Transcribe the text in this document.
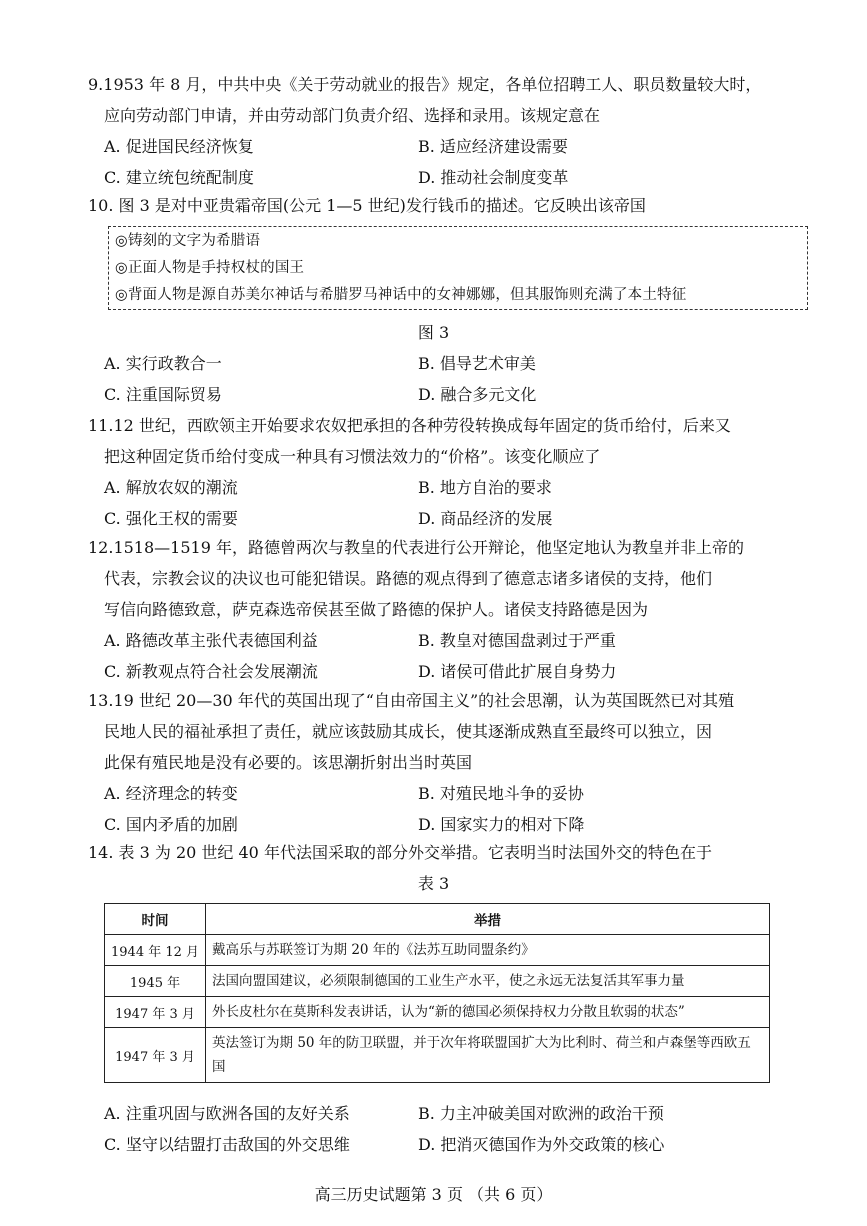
9.1953 年 8 月，中共中央《关于劳动就业的报告》规定，各单位招聘工人、职员数量较大时，

应向劳动部门申请，并由劳动部门负责介绍、选择和录用。该规定意在

A. 促进国民经济恢复	B. 适应经济建设需要
C. 建立统包统配制度	D. 推动社会制度变革

10. 图 3 是对中亚贵霜帝国(公元 1—5 世纪)发行钱币的描述。它反映出该帝国

◎铸刻的文字为希腊语
◎正面人物是手持权杖的国王
◎背面人物是源自苏美尔神话与希腊罗马神话中的女神娜娜，但其服饰则充满了本土特征
图 3
A. 实行政教合一	B. 倡导艺术审美
C. 注重国际贸易	D. 融合多元文化

11.12 世纪，西欧领主开始要求农奴把承担的各种劳役转换成每年固定的货币给付，后来又

把这种固定货币给付变成一种具有习惯法效力的“价格”。该变化顺应了

A. 解放农奴的潮流	B. 地方自治的要求
C. 强化王权的需要	D. 商品经济的发展

12.1518—1519 年，路德曾两次与教皇的代表进行公开辩论，他坚定地认为教皇并非上帝的

代表，宗教会议的决议也可能犯错误。路德的观点得到了德意志诸多诸侯的支持，他们

写信向路德致意，萨克森选帝侯甚至做了路德的保护人。诸侯支持路德是因为

A. 路德改革主张代表德国利益	B. 教皇对德国盘剥过于严重
C. 新教观点符合社会发展潮流	D. 诸侯可借此扩展自身势力

13.19 世纪 20—30 年代的英国出现了“自由帝国主义”的社会思潮，认为英国既然已对其殖

民地人民的福祉承担了责任，就应该鼓励其成长，使其逐渐成熟直至最终可以独立，因

此保有殖民地是没有必要的。该思潮折射出当时英国

A. 经济理念的转变	B. 对殖民地斗争的妥协
C. 国内矛盾的加剧	D. 国家实力的相对下降

14. 表 3 为 20 世纪 40 年代法国采取的部分外交举措。它表明当时法国外交的特色在于

表 3
时间	举措
1944 年 12 月	戴高乐与苏联签订为期 20 年的《法苏互助同盟条约》
1945 年	法国向盟国建议，必须限制德国的工业生产水平，使之永远无法复活其军事力量
1947 年 3 月	外长皮杜尔在莫斯科发表讲话，认为“新的德国必须保持权力分散且软弱的状态”
1947 年 3 月	英法签订为期 50 年的防卫联盟，并于次年将联盟国扩大为比利时、荷兰和卢森堡等西欧五国
A. 注重巩固与欧洲各国的友好关系	B. 力主冲破美国对欧洲的政治干预
C. 坚守以结盟打击敌国的外交思维	D. 把消灭德国作为外交政策的核心
高三历史试题第 3 页 （共 6 页）
